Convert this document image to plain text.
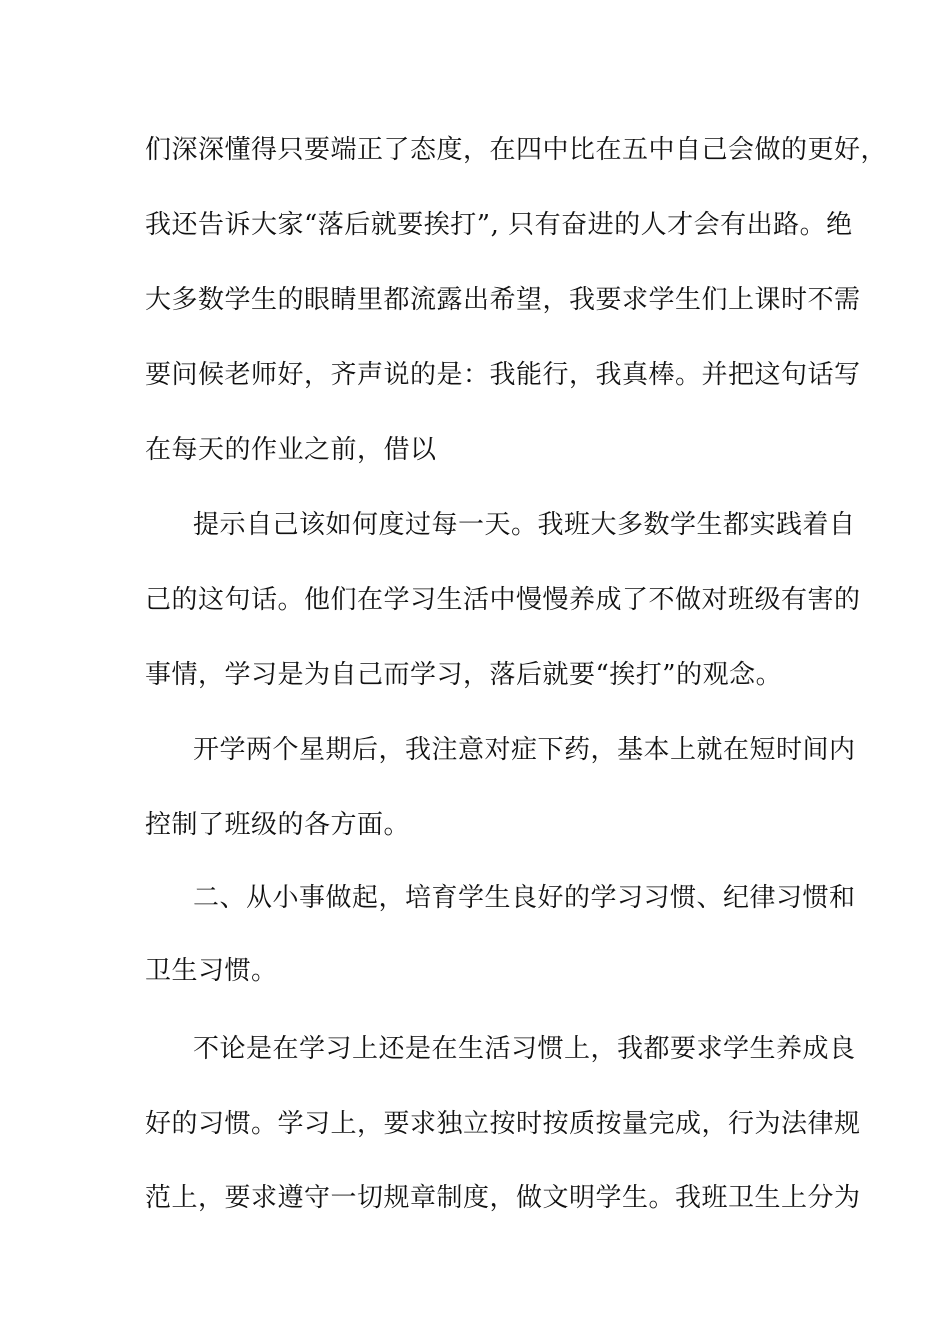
们深深懂得只要端正了态度，在四中比在五中自己会做的更好，
我还告诉大家“落后就要挨打”, 只有奋进的人才会有出路。绝
大多数学生的眼睛里都流露出希望，我要求学生们上课时不需
要问候老师好，齐声说的是：我能行，我真棒。并把这句话写
在每天的作业之前，借以
提示自己该如何度过每一天。我班大多数学生都实践着自
己的这句话。他们在学习生活中慢慢养成了不做对班级有害的
事情，学习是为自己而学习，落后就要“挨打”的观念。
开学两个星期后，我注意对症下药，基本上就在短时间内
控制了班级的各方面。
二、从小事做起，培育学生良好的学习习惯、纪律习惯和
卫生习惯。
不论是在学习上还是在生活习惯上，我都要求学生养成良
好的习惯。学习上，要求独立按时按质按量完成，行为法律规
范上，要求遵守一切规章制度，做文明学生。我班卫生上分为
